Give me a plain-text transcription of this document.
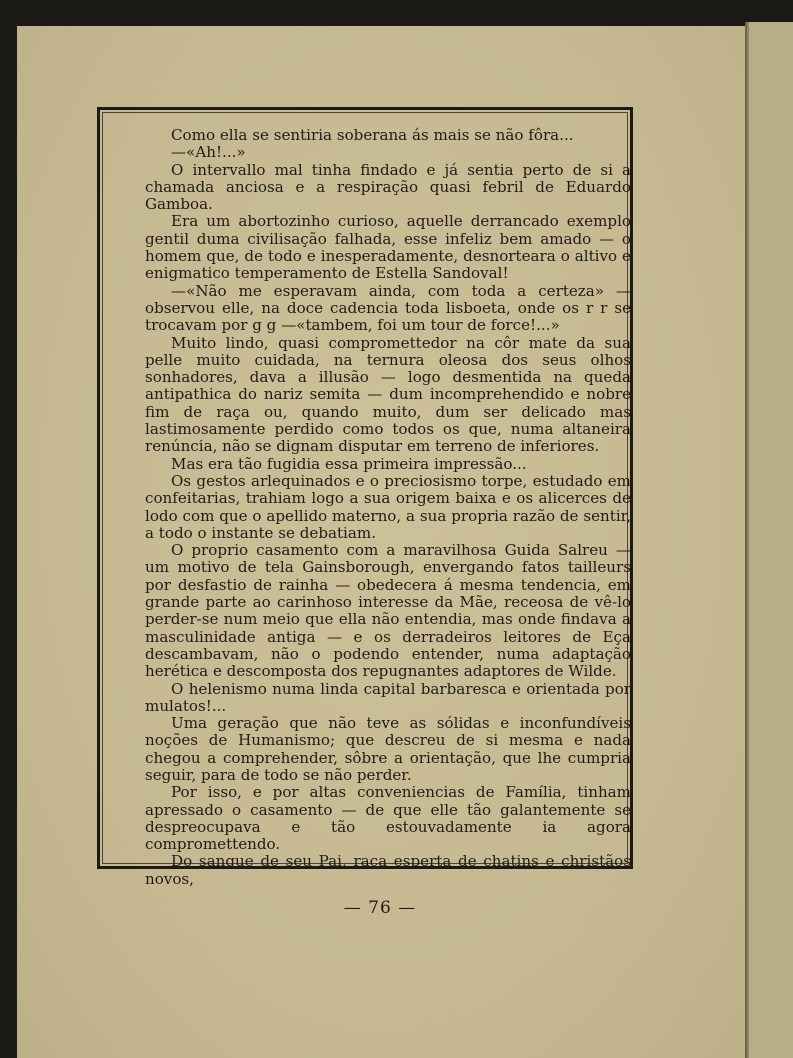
Como ella se sentiria soberana ás mais se não fôra...

—«Ah!...»

O intervallo mal tinha findado e já sentia perto de si a chamada anciosa e a respiração quasi febril de Eduardo Gamboa.

Era um abortozinho curioso, aquelle derrancado exemplo gentil duma civilisação falhada, esse infeliz bem amado — o homem que, de todo e inesperadamente, desnorteara o altivo e enigmatico temperamento de Estella Sandoval!

—«Não me esperavam ainda, com toda a certeza» — observou elle, na doce cadencia toda lisboeta, onde os r r se trocavam por g g —«tambem, foi um tour de force!...»

Muito lindo, quasi compromettedor na côr mate da sua pelle muito cuidada, na ternura oleosa dos seus olhos sonhadores, dava a illusão — logo desmentida na queda antipathica do nariz semita — dum incomprehendido e nobre fim de raça ou, quando muito, dum ser delicado mas lastimosamente perdido como todos os que, numa altaneira renúncia, não se dignam disputar em terreno de inferiores.

Mas era tão fugidia essa primeira impressão...

Os gestos arlequinados e o preciosismo torpe, estudado em confeitarias, trahiam logo a sua origem baixa e os alicerces de lodo com que o apellido materno, a sua propria razão de sentir, a todo o instante se debatiam.

O proprio casamento com a maravilhosa Guida Salreu — um motivo de tela Gainsborough, envergando fatos tailleurs por desfastio de rainha — obedecera á mesma tendencia, em grande parte ao carinhoso interesse da Mãe, receosa de vê-lo perder-se num meio que ella não entendia, mas onde findava a masculinidade antiga — e os derradeiros leitores de Eça descambavam, não o podendo entender, numa adaptação herética e descomposta dos repugnantes adaptores de Wilde.

O helenismo numa linda capital barbaresca e orientada por mulatos!...

Uma geração que não teve as sólidas e inconfundíveis noções de Humanismo; que descreu de si mesma e nada chegou a comprehender, sôbre a orientação, que lhe cumpria seguir, para de todo se não perder.

Por isso, e por altas conveniencias de Família, tinham apressado o casamento — de que elle tão galantemente se despreocupava e tão estouvadamente ia agora compromettendo.

Do sangue de seu Pai, raça esperta de chatins e christãos novos,

— 76 —
